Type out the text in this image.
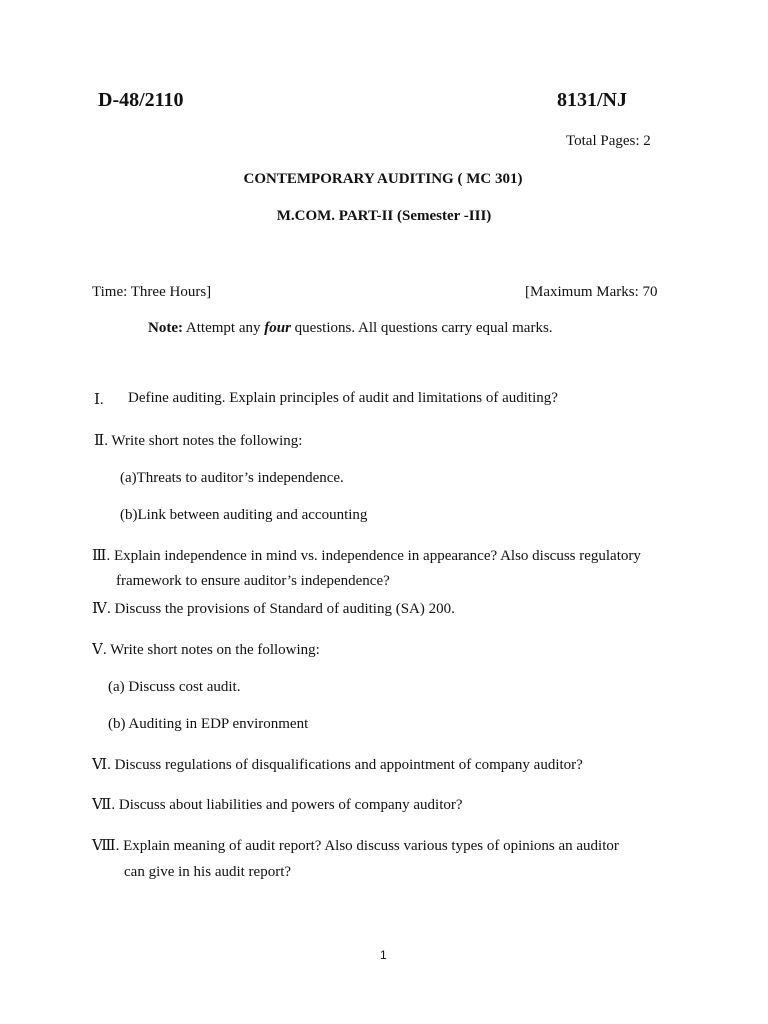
D-48/2110	8131/NJ
Total Pages: 2
CONTEMPORARY AUDITING ( MC 301)
M.COM. PART-II (Semester -III)
Time: Three Hours]	[Maximum Marks: 70
Note: Attempt any four questions. All questions carry equal marks.
Ⅰ. Define auditing. Explain principles of audit and limitations of auditing?
Ⅱ. Write short notes the following:
(a)Threats to auditor’s independence.
(b)Link between auditing and accounting
Ⅲ. Explain independence in mind vs. independence in appearance? Also discuss regulatory
framework to ensure auditor’s independence?
Ⅳ. Discuss the provisions of Standard of auditing (SA) 200.
Ⅴ. Write short notes on the following:
(a) Discuss cost audit.
(b) Auditing in EDP environment
Ⅵ. Discuss regulations of disqualifications and appointment of company auditor?
Ⅶ. Discuss about liabilities and powers of company auditor?
Ⅷ. Explain meaning of audit report? Also discuss various types of opinions an auditor
can give in his audit report?
1
